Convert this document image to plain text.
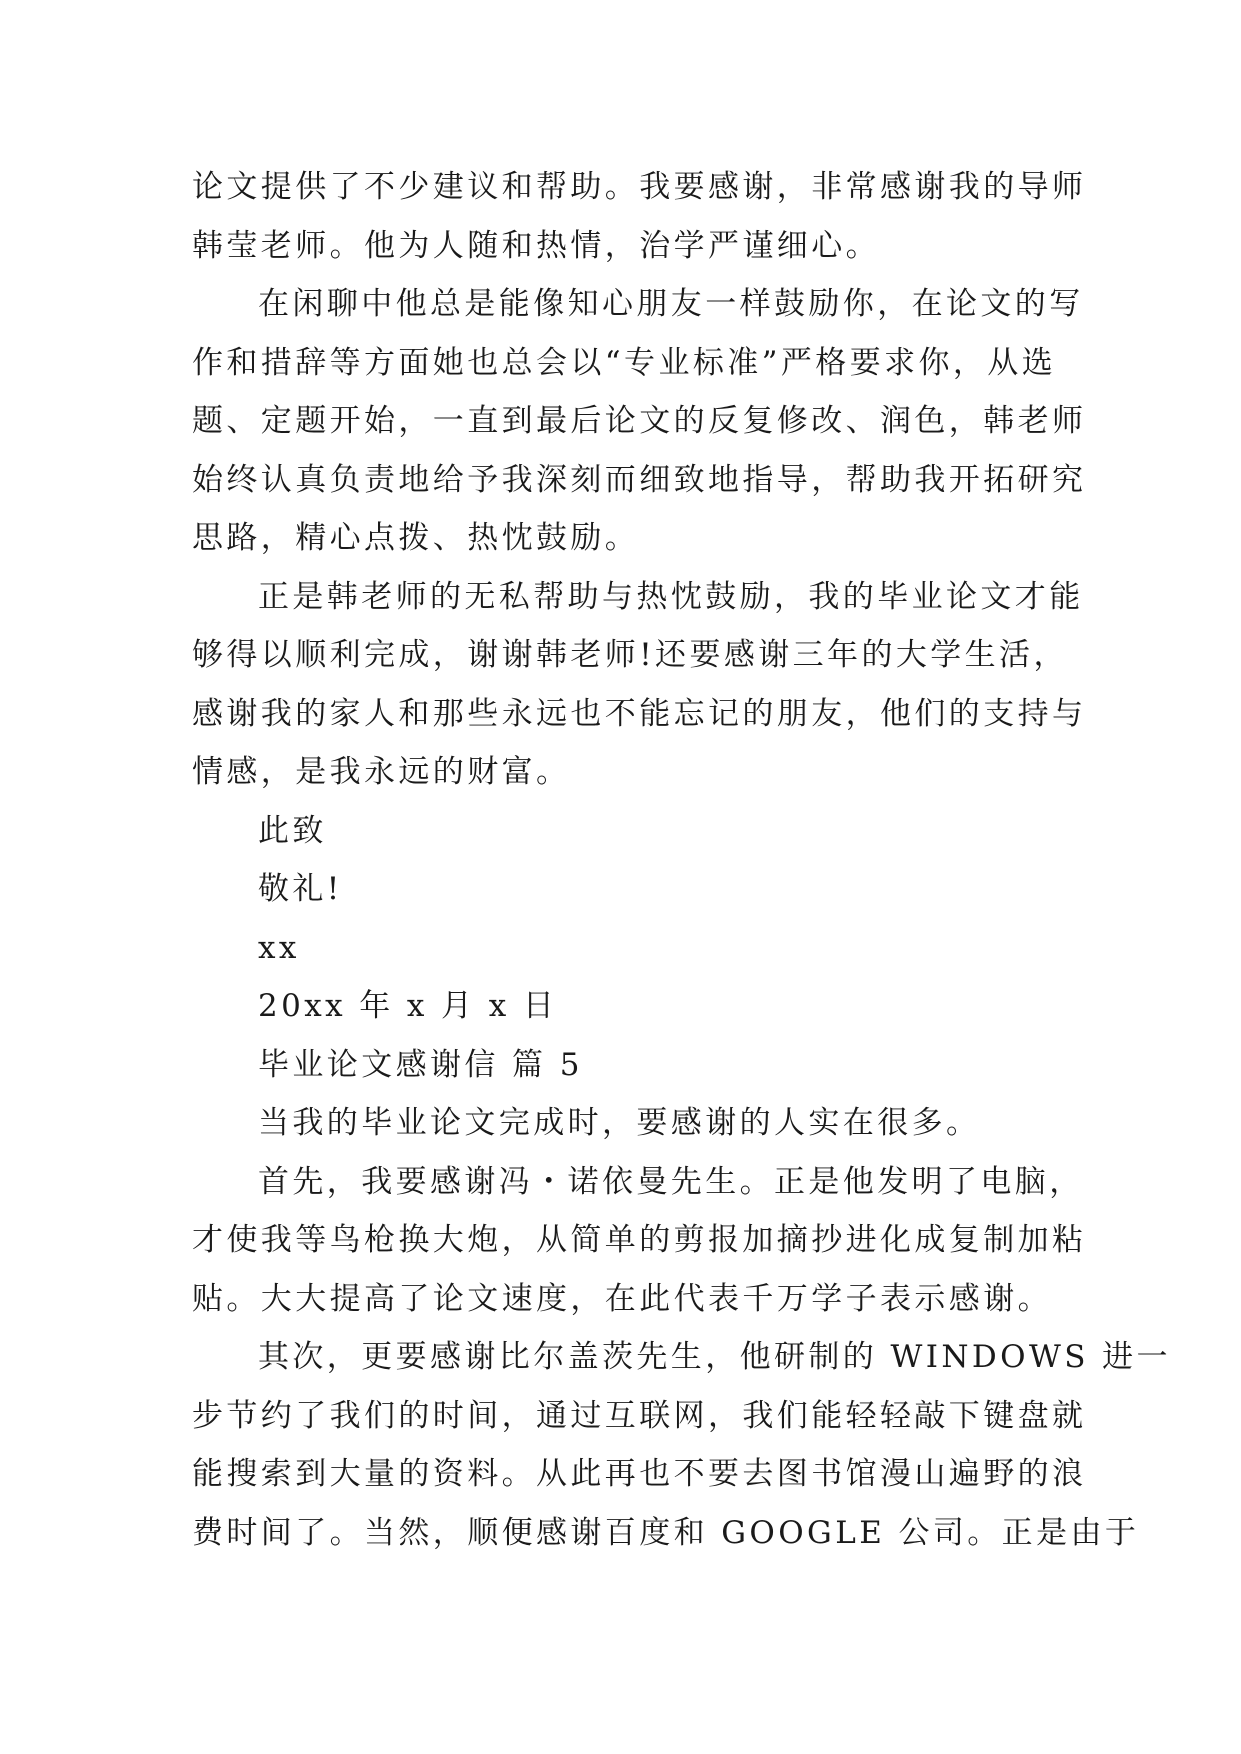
论文提供了不少建议和帮助。我要感谢，非常感谢我的导师
韩莹老师。他为人随和热情，治学严谨细心。
在闲聊中他总是能像知心朋友一样鼓励你，在论文的写
作和措辞等方面她也总会以“专业标准”严格要求你，从选
题、定题开始，一直到最后论文的反复修改、润色，韩老师
始终认真负责地给予我深刻而细致地指导，帮助我开拓研究
思路，精心点拨、热忱鼓励。
正是韩老师的无私帮助与热忱鼓励，我的毕业论文才能
够得以顺利完成，谢谢韩老师!还要感谢三年的大学生活，
感谢我的家人和那些永远也不能忘记的朋友，他们的支持与
情感，是我永远的财富。
此致
敬礼!
xx
20xx 年 x 月 x 日
毕业论文感谢信 篇 5
当我的毕业论文完成时，要感谢的人实在很多。
首先，我要感谢冯・诺依曼先生。正是他发明了电脑，
才使我等鸟枪换大炮，从简单的剪报加摘抄进化成复制加粘
贴。大大提高了论文速度，在此代表千万学子表示感谢。
其次，更要感谢比尔盖茨先生，他研制的 WINDOWS 进一
步节约了我们的时间，通过互联网，我们能轻轻敲下键盘就
能搜索到大量的资料。从此再也不要去图书馆漫山遍野的浪
费时间了。当然，顺便感谢百度和 GOOGLE 公司。正是由于
